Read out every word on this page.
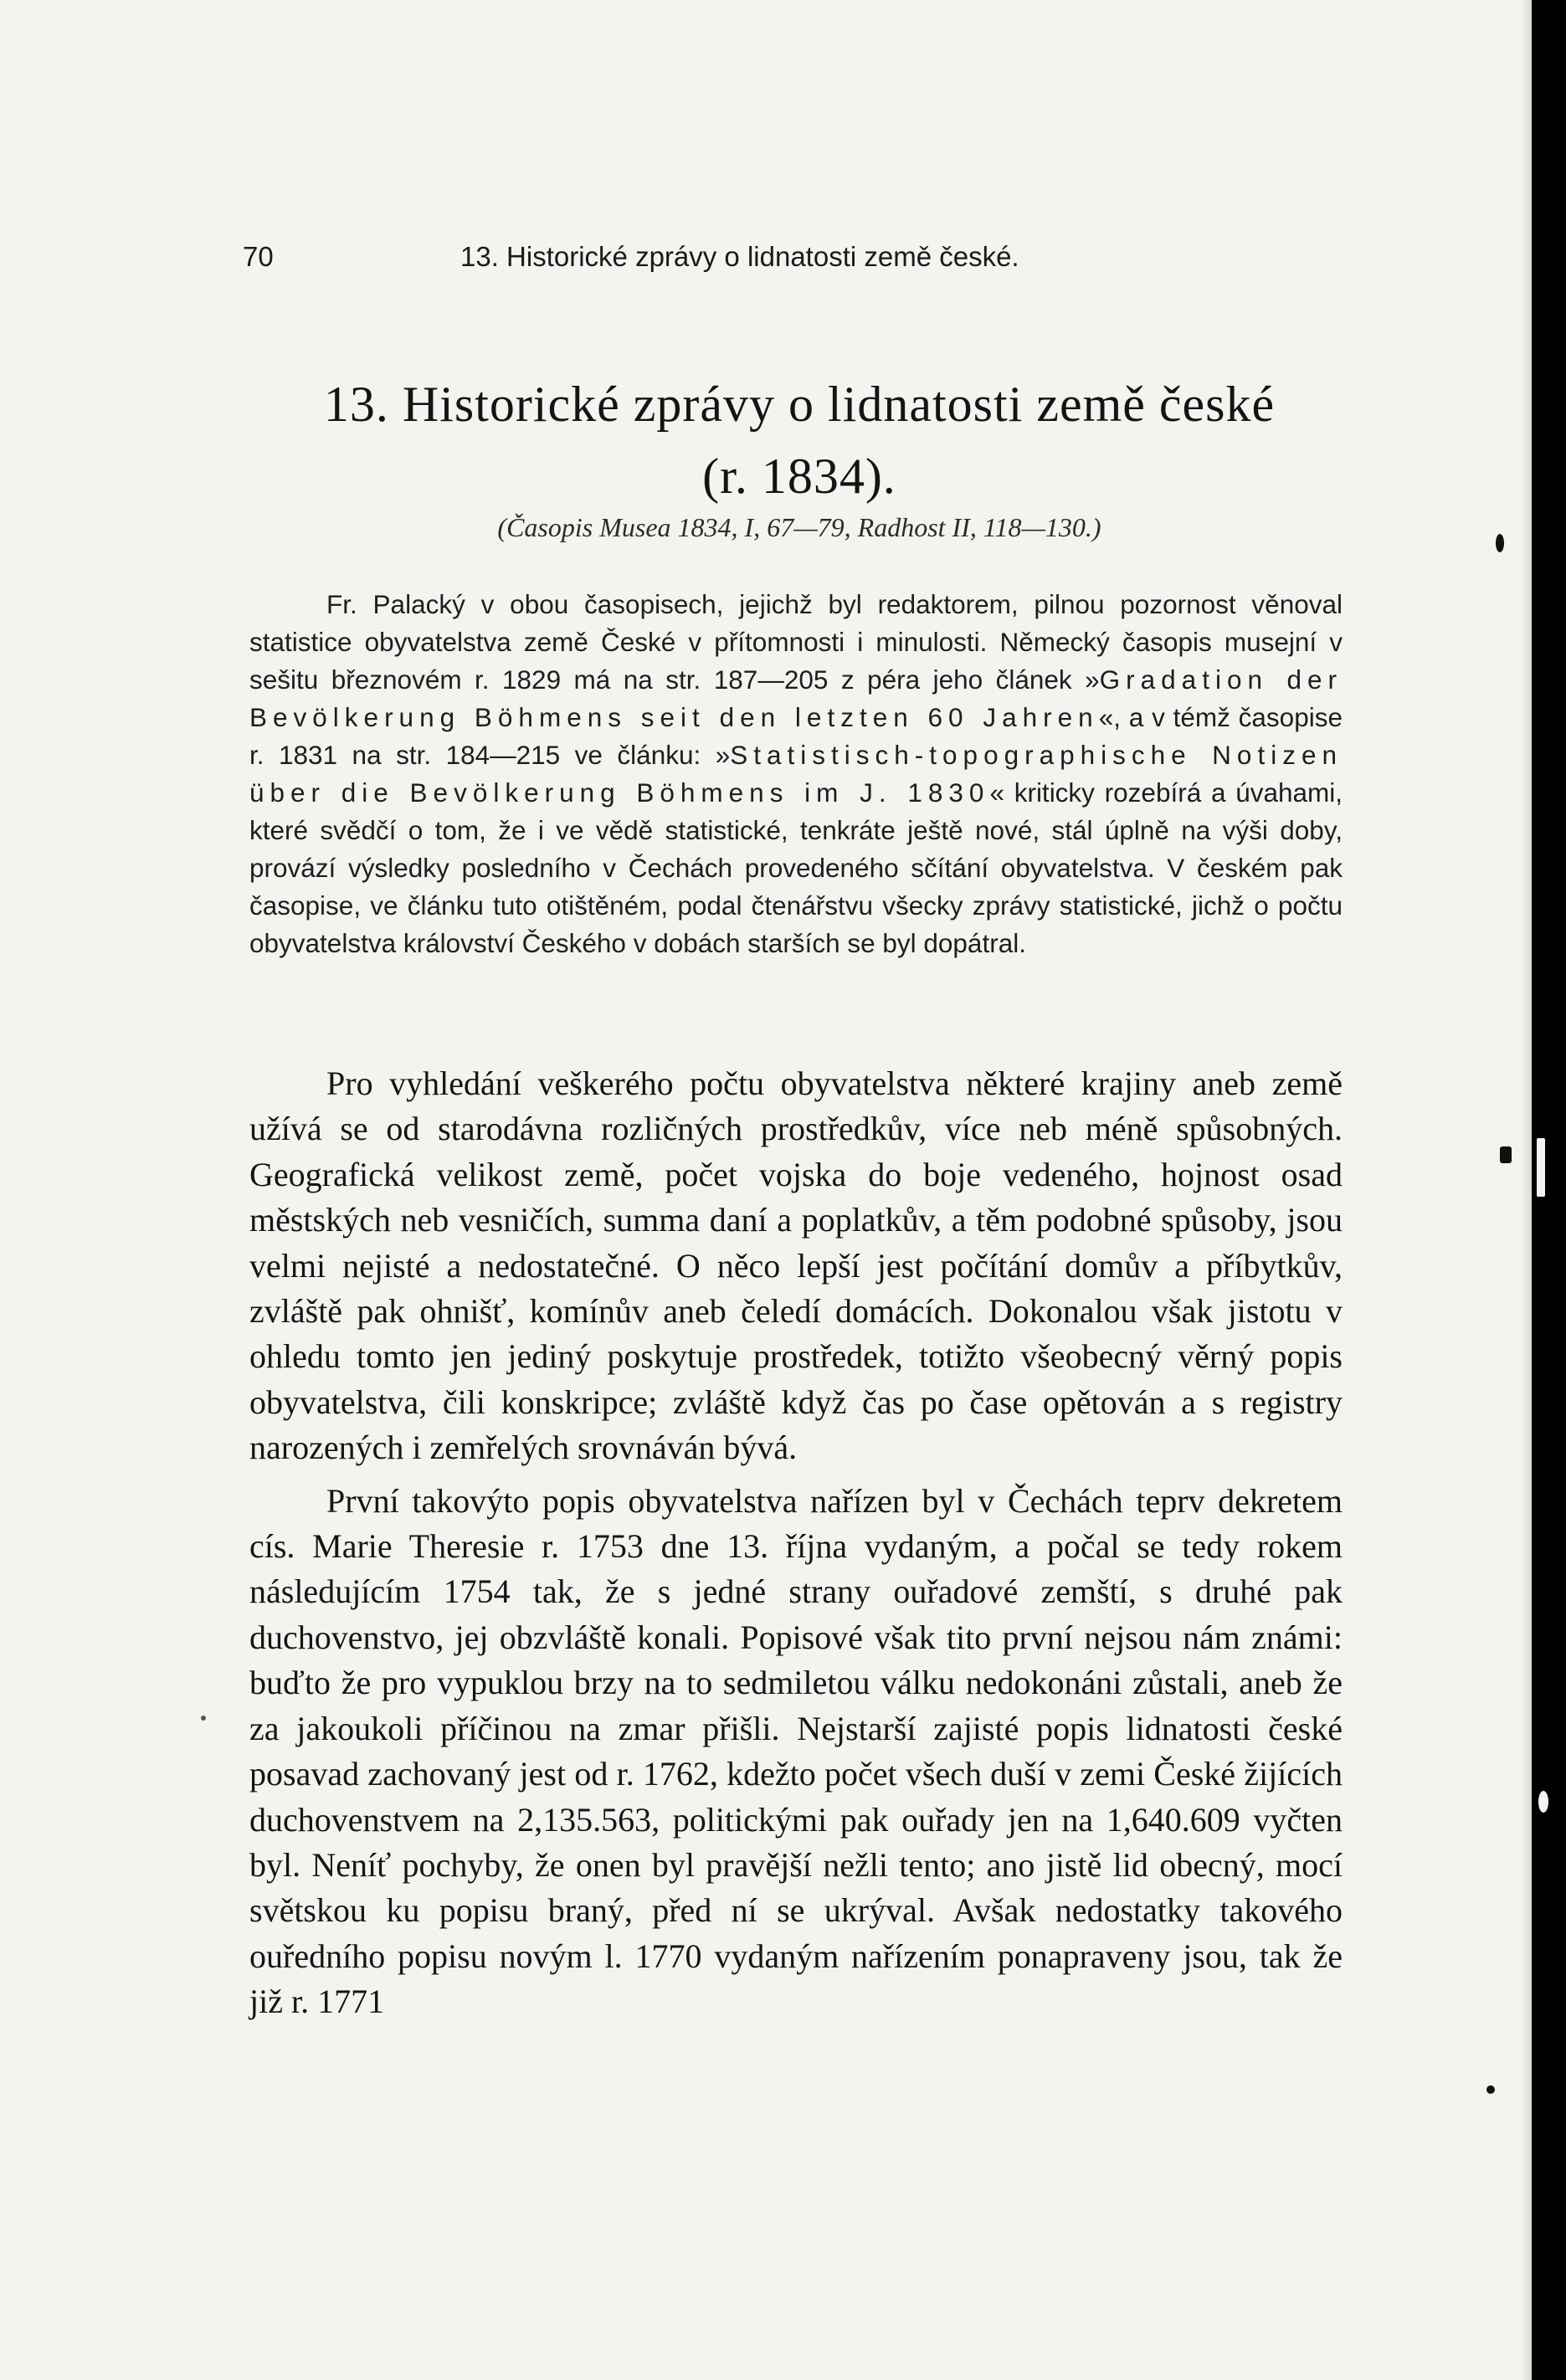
70	13. Historické zprávy o lidnatosti země české.
13. Historické zprávy o lidnatosti země české
(r. 1834).
(Časopis Musea 1834, I, 67—79, Radhost II, 118—130.)

Fr. Palacký v obou časopisech, jejichž byl redaktorem, pilnou pozornost věnoval statistice obyvatelstva země České v přítomnosti i minulosti. Německý časopis musejní v sešitu březnovém r. 1829 má na str. 187—205 z péra jeho článek »Gradation der Bevölkerung Böhmens seit den letzten 60 Jahren«, a v témž časopise r. 1831 na str. 184—215 ve článku: »Statistisch-topographische Notizen über die Bevölkerung Böhmens im J. 1830« kriticky rozebírá a úvahami, které svědčí o tom, že i ve vědě statistické, tenkráte ještě nové, stál úplně na výši doby, provází výsledky posledního v Čechách provedeného sčítání obyvatelstva. V českém pak časopise, ve článku tuto otištěném, podal čtenářstvu všecky zprávy statistické, jichž o počtu obyvatelstva království Českého v dobách starších se byl dopátral.

Pro vyhledání veškerého počtu obyvatelstva některé krajiny aneb země užívá se od starodávna rozličných prostředkův, více neb méně spůsobných. Geografická velikost země, počet vojska do boje vedeného, hojnost osad městských neb vesničích, summa daní a poplatkův, a těm podobné spůsoby, jsou velmi nejisté a nedostatečné. O něco lepší jest počítání domův a příbytkův, zvláště pak ohnišť, komínův aneb čeledí domácích. Dokonalou však jistotu v ohledu tomto jen jediný poskytuje prostředek, totižto všeobecný věrný popis obyvatelstva, čili konskripce; zvláště když čas po čase opětován a s registry narozených i zemřelých srovnáván bývá.

První takovýto popis obyvatelstva nařízen byl v Čechách teprv dekretem cís. Marie Theresie r. 1753 dne 13. října vydaným, a počal se tedy rokem následujícím 1754 tak, že s jedné strany ouřadové zemští, s druhé pak duchovenstvo, jej obzvláště konali. Popisové však tito první nejsou nám známi: buďto že pro vypuklou brzy na to sedmiletou válku nedokonáni zůstali, aneb že za jakoukoli příčinou na zmar přišli. Nejstarší zajisté popis lidnatosti české posavad zachovaný jest od r. 1762, kdežto počet všech duší v zemi České žijících duchovenstvem na 2,135.563, politickými pak ouřady jen na 1,640.609 vyčten byl. Neníť pochyby, že onen byl pravější nežli tento; ano jistě lid obecný, mocí světskou ku popisu braný, před ní se ukrýval. Avšak nedostatky takového ouředního popisu novým l. 1770 vydaným nařízením ponapraveny jsou, tak že již r. 1771
